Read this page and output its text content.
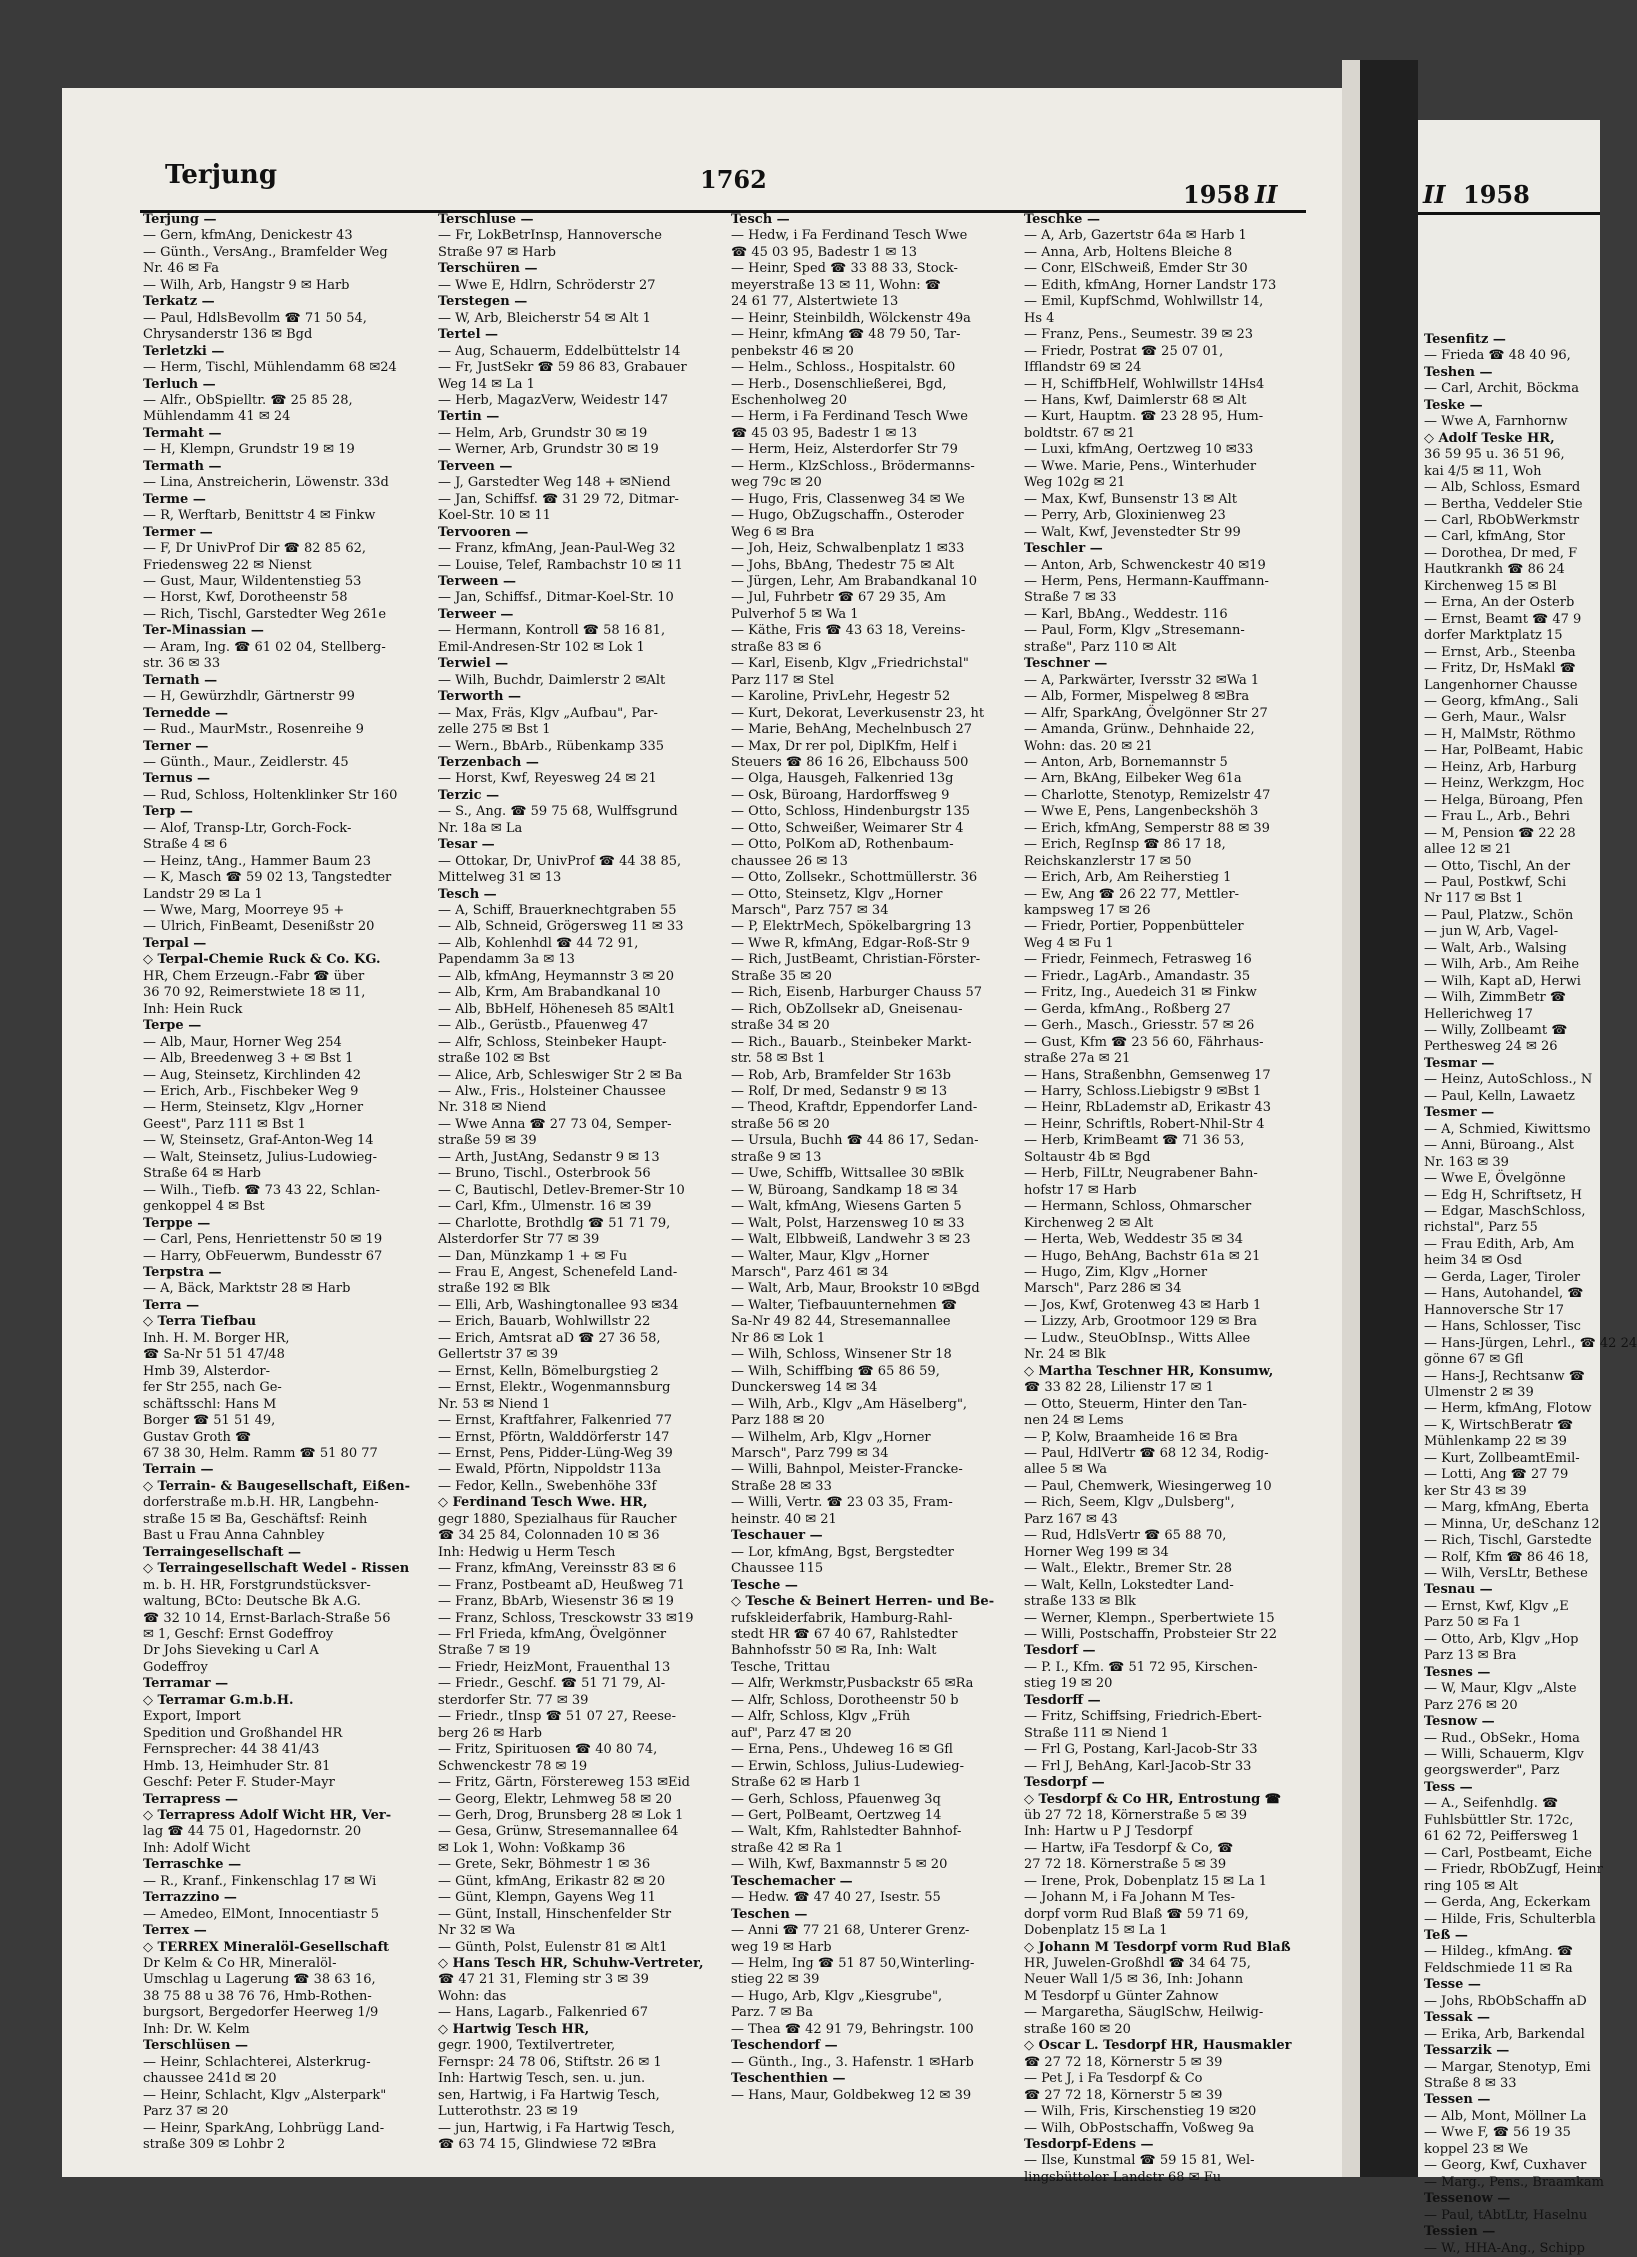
Terjung	1762
1958 II
Terjung —
— Gern, kfmAng, Denickestr 43
— Günth., VersAng., Bramfelder Weg
Nr. 46 ✉ Fa
— Wilh, Arb, Hangstr 9 ✉ Harb
Terkatz —
— Paul, HdlsBevollm ☎ 71 50 54,
Chrysanderstr 136 ✉ Bgd
Terletzki —
— Herm, Tischl, Mühlendamm 68 ✉24
Terluch —
— Alfr., ObSpielltr. ☎ 25 85 28,
Mühlendamm 41 ✉ 24
Termaht —
— H, Klempn, Grundstr 19 ✉ 19
Termath —
— Lina, Anstreicherin, Löwenstr. 33d
Terme —
— R, Werftarb, Benittstr 4 ✉ Finkw
Termer —
— F, Dr UnivProf Dir ☎ 82 85 62,
Friedensweg 22 ✉ Nienst
— Gust, Maur, Wildentenstieg 53
— Horst, Kwf, Dorotheenstr 58
— Rich, Tischl, Garstedter Weg 261e
Ter-Minassian —
— Aram, Ing. ☎ 61 02 04, Stellberg-
str. 36 ✉ 33
Ternath —
— H, Gewürzhdlr, Gärtnerstr 99
Ternedde —
— Rud., MaurMstr., Rosenreihe 9
Terner —
— Günth., Maur., Zeidlerstr. 45
Ternus —
— Rud, Schloss, Holtenklinker Str 160
Terp —
— Alof, Transp-Ltr, Gorch-Fock-
Straße 4 ✉ 6
— Heinz, tAng., Hammer Baum 23
— K, Masch ☎ 59 02 13, Tangstedter
Landstr 29 ✉ La 1
— Wwe, Marg, Moorreye 95 +
— Ulrich, FinBeamt, Desenißstr 20
Terpal —
◇ Terpal-Chemie Ruck & Co. KG.
HR, Chem Erzeugn.-Fabr ☎ über
36 70 92, Reimerstwiete 18 ✉ 11,
Inh: Hein Ruck
Terpe —
— Alb, Maur, Horner Weg 254
— Alb, Breedenweg 3 + ✉ Bst 1
— Aug, Steinsetz, Kirchlinden 42
— Erich, Arb., Fischbeker Weg 9
— Herm, Steinsetz, Klgv „Horner
Geest", Parz 111 ✉ Bst 1
— W, Steinsetz, Graf-Anton-Weg 14
— Walt, Steinsetz, Julius-Ludowieg-
Straße 64 ✉ Harb
— Wilh., Tiefb. ☎ 73 43 22, Schlan-
genkoppel 4 ✉ Bst
Terppe —
— Carl, Pens, Henriettenstr 50 ✉ 19
— Harry, ObFeuerwm, Bundesstr 67
Terpstra —
— A, Bäck, Marktstr 28 ✉ Harb
Terra —
◇ Terra Tiefbau
Inh. H. M. Borger HR,
☎ Sa-Nr 51 51 47/48
Hmb 39, Alsterdor-
fer Str 255, nach Ge-
schäftsschl: Hans M
Borger ☎ 51 51 49,
Gustav Groth ☎
67 38 30, Helm. Ramm ☎ 51 80 77
Terrain —
◇ Terrain- & Baugesellschaft, Eißen-
dorferstraße m.b.H. HR, Langbehn-
straße 15 ✉ Ba, Geschäftsf: Reinh
Bast u Frau Anna Cahnbley
Terraingesellschaft —
◇ Terraingesellschaft Wedel - Rissen
m. b. H. HR, Forstgrundstücksver-
waltung, BCto: Deutsche Bk A.G.
☎ 32 10 14, Ernst-Barlach-Straße 56
✉ 1, Geschf: Ernst Godeffroy
Dr Johs Sieveking u Carl A
Godeffroy
Terramar —
◇ Terramar G.m.b.H.
Export, Import
Spedition und Großhandel HR
Fernsprecher: 44 38 41/43
Hmb. 13, Heimhuder Str. 81
Geschf: Peter F. Studer-Mayr
Terrapress —
◇ Terrapress Adolf Wicht HR, Ver-
lag ☎ 44 75 01, Hagedornstr. 20
Inh: Adolf Wicht
Terraschke —
— R., Kranf., Finkenschlag 17 ✉ Wi
Terrazzino —
— Amedeo, ElMont, Innocentiastr 5
Terrex —
◇ TERREX Mineralöl-Gesellschaft
Dr Kelm & Co HR, Mineralöl-
Umschlag u Lagerung ☎ 38 63 16,
38 75 88 u 38 76 76, Hmb-Rothen-
burgsort, Bergedorfer Heerweg 1/9
Inh: Dr. W. Kelm
Terschlüsen —
— Heinr, Schlachterei, Alsterkrug-
chaussee 241d ✉ 20
— Heinr, Schlacht, Klgv „Alsterpark"
Parz 37 ✉ 20
— Heinr, SparkAng, Lohbrügg Land-
straße 309 ✉ Lohbr 2
Terschluse —
— Fr, LokBetrInsp, Hannoversche
Straße 97 ✉ Harb
Terschüren —
— Wwe E, Hdlrn, Schröderstr 27
Terstegen —
— W, Arb, Bleicherstr 54 ✉ Alt 1
Tertel —
— Aug, Schauerm, Eddelbüttelstr 14
— Fr, JustSekr ☎ 59 86 83, Grabauer
Weg 14 ✉ La 1
— Herb, MagazVerw, Weidestr 147
Tertin —
— Helm, Arb, Grundstr 30 ✉ 19
— Werner, Arb, Grundstr 30 ✉ 19
Terveen —
— J, Garstedter Weg 148 + ✉Niend
— Jan, Schiffsf. ☎ 31 29 72, Ditmar-
Koel-Str. 10 ✉ 11
Tervooren —
— Franz, kfmAng, Jean-Paul-Weg 32
— Louise, Telef, Rambachstr 10 ✉ 11
Terween —
— Jan, Schiffsf., Ditmar-Koel-Str. 10
Terweer —
— Hermann, Kontroll ☎ 58 16 81,
Emil-Andresen-Str 102 ✉ Lok 1
Terwiel —
— Wilh, Buchdr, Daimlerstr 2 ✉Alt
Terworth —
— Max, Fräs, Klgv „Aufbau", Par-
zelle 275 ✉ Bst 1
— Wern., BbArb., Rübenkamp 335
Terzenbach —
— Horst, Kwf, Reyesweg 24 ✉ 21
Terzic —
— S., Ang. ☎ 59 75 68, Wulffsgrund
Nr. 18a ✉ La
Tesar —
— Ottokar, Dr, UnivProf ☎ 44 38 85,
Mittelweg 31 ✉ 13
Tesch —
— A, Schiff, Brauerknechtgraben 55
— Alb, Schneid, Grögersweg 11 ✉ 33
— Alb, Kohlenhdl ☎ 44 72 91,
Papendamm 3a ✉ 13
— Alb, kfmAng, Heymannstr 3 ✉ 20
— Alb, Krm, Am Brabandkanal 10
— Alb, BbHelf, Höheneseh 85 ✉Alt1
— Alb., Gerüstb., Pfauenweg 47
— Alfr, Schloss, Steinbeker Haupt-
straße 102 ✉ Bst
— Alice, Arb, Schleswiger Str 2 ✉ Ba
— Alw., Fris., Holsteiner Chaussee
Nr. 318 ✉ Niend
— Wwe Anna ☎ 27 73 04, Semper-
straße 59 ✉ 39
— Arth, JustAng, Sedanstr 9 ✉ 13
— Bruno, Tischl., Osterbrook 56
— C, Bautischl, Detlev-Bremer-Str 10
— Carl, Kfm., Ulmenstr. 16 ✉ 39
— Charlotte, Brothdlg ☎ 51 71 79,
Alsterdorfer Str 77 ✉ 39
— Dan, Münzkamp 1 + ✉ Fu
— Frau E, Angest, Schenefeld Land-
straße 192 ✉ Blk
— Elli, Arb, Washingtonallee 93 ✉34
— Erich, Bauarb, Wohlwillstr 22
— Erich, Amtsrat aD ☎ 27 36 58,
Gellertstr 37 ✉ 39
— Ernst, Kelln, Bömelburgstieg 2
— Ernst, Elektr., Wogenmannsburg
Nr. 53 ✉ Niend 1
— Ernst, Kraftfahrer, Falkenried 77
— Ernst, Pförtn, Walddörferstr 147
— Ernst, Pens, Pidder-Lüng-Weg 39
— Ewald, Pförtn, Nippoldstr 113a
— Fedor, Kelln., Swebenhöhe 33f
◇ Ferdinand Tesch Wwe. HR,
gegr 1880, Spezialhaus für Raucher
☎ 34 25 84, Colonnaden 10 ✉ 36
Inh: Hedwig u Herm Tesch
— Franz, kfmAng, Vereinsstr 83 ✉ 6
— Franz, Postbeamt aD, Heußweg 71
— Franz, BbArb, Wiesenstr 36 ✉ 19
— Franz, Schloss, Tresckowstr 33 ✉19
— Frl Frieda, kfmAng, Övelgönner
Straße 7 ✉ 19
— Friedr, HeizMont, Frauenthal 13
— Friedr., Geschf. ☎ 51 71 79, Al-
sterdorfer Str. 77 ✉ 39
— Friedr., tInsp ☎ 51 07 27, Reese-
berg 26 ✉ Harb
— Fritz, Spirituosen ☎ 40 80 74,
Schwenckestr 78 ✉ 19
— Fritz, Gärtn, Förstereweg 153 ✉Eid
— Georg, Elektr, Lehmweg 58 ✉ 20
— Gerh, Drog, Brunsberg 28 ✉ Lok 1
— Gesa, Grünw, Stresemannallee 64
✉ Lok 1, Wohn: Voßkamp 36
— Grete, Sekr, Böhmestr 1 ✉ 36
— Günt, kfmAng, Erikastr 82 ✉ 20
— Günt, Klempn, Gayens Weg 11
— Günt, Install, Hinschenfelder Str
Nr 32 ✉ Wa
— Günth, Polst, Eulenstr 81 ✉ Alt1
◇ Hans Tesch HR, Schuhw-Vertreter,
☎ 47 21 31, Fleming str 3 ✉ 39
Wohn: das
— Hans, Lagarb., Falkenried 67
◇ Hartwig Tesch HR,
gegr. 1900, Textilvertreter,
Fernspr: 24 78 06, Stiftstr. 26 ✉ 1
Inh: Hartwig Tesch, sen. u. jun.
sen, Hartwig, i Fa Hartwig Tesch,
Lutterothstr. 23 ✉ 19
— jun, Hartwig, i Fa Hartwig Tesch,
☎ 63 74 15, Glindwiese 72 ✉Bra
Tesch —
— Hedw, i Fa Ferdinand Tesch Wwe
☎ 45 03 95, Badestr 1 ✉ 13
— Heinr, Sped ☎ 33 88 33, Stock-
meyerstraße 13 ✉ 11, Wohn: ☎
24 61 77, Alstertwiete 13
— Heinr, Steinbildh, Wölckenstr 49a
— Heinr, kfmAng ☎ 48 79 50, Tar-
penbekstr 46 ✉ 20
— Helm., Schloss., Hospitalstr. 60
— Herb., Dosenschließerei, Bgd,
Eschenholweg 20
— Herm, i Fa Ferdinand Tesch Wwe
☎ 45 03 95, Badestr 1 ✉ 13
— Herm, Heiz, Alsterdorfer Str 79
— Herm., KlzSchloss., Brödermanns-
weg 79c ✉ 20
— Hugo, Fris, Classenweg 34 ✉ We
— Hugo, ObZugschaffn., Osteroder
Weg 6 ✉ Bra
— Joh, Heiz, Schwalbenplatz 1 ✉33
— Johs, BbAng, Thedestr 75 ✉ Alt
— Jürgen, Lehr, Am Brabandkanal 10
— Jul, Fuhrbetr ☎ 67 29 35, Am
Pulverhof 5 ✉ Wa 1
— Käthe, Fris ☎ 43 63 18, Vereins-
straße 83 ✉ 6
— Karl, Eisenb, Klgv „Friedrichstal"
Parz 117 ✉ Stel
— Karoline, PrivLehr, Hegestr 52
— Kurt, Dekorat, Leverkusenstr 23, ht
— Marie, BehAng, Mechelnbusch 27
— Max, Dr rer pol, DiplKfm, Helf i
Steuers ☎ 86 16 26, Elbchauss 500
— Olga, Hausgeh, Falkenried 13g
— Osk, Büroang, Hardorffsweg 9
— Otto, Schloss, Hindenburgstr 135
— Otto, Schweißer, Weimarer Str 4
— Otto, PolKom aD, Rothenbaum-
chaussee 26 ✉ 13
— Otto, Zollsekr., Schottmüllerstr. 36
— Otto, Steinsetz, Klgv „Horner
Marsch", Parz 757 ✉ 34
— P, ElektrMech, Spökelbargring 13
— Wwe R, kfmAng, Edgar-Roß-Str 9
— Rich, JustBeamt, Christian-Förster-
Straße 35 ✉ 20
— Rich, Eisenb, Harburger Chauss 57
— Rich, ObZollsekr aD, Gneisenau-
straße 34 ✉ 20
— Rich., Bauarb., Steinbeker Markt-
str. 58 ✉ Bst 1
— Rob, Arb, Bramfelder Str 163b
— Rolf, Dr med, Sedanstr 9 ✉ 13
— Theod, Kraftdr, Eppendorfer Land-
straße 56 ✉ 20
— Ursula, Buchh ☎ 44 86 17, Sedan-
straße 9 ✉ 13
— Uwe, Schiffb, Wittsallee 30 ✉Blk
— W, Büroang, Sandkamp 18 ✉ 34
— Walt, kfmAng, Wiesens Garten 5
— Walt, Polst, Harzensweg 10 ✉ 33
— Walt, Elbbweiß, Landwehr 3 ✉ 23
— Walter, Maur, Klgv „Horner
Marsch", Parz 461 ✉ 34
— Walt, Arb, Maur, Brookstr 10 ✉Bgd
— Walter, Tiefbauunternehmen ☎
Sa-Nr 49 82 44, Stresemannallee
Nr 86 ✉ Lok 1
— Wilh, Schloss, Winsener Str 18
— Wilh, Schiffbing ☎ 65 86 59,
Dunckersweg 14 ✉ 34
— Wilh, Arb., Klgv „Am Häselberg",
Parz 188 ✉ 20
— Wilhelm, Arb, Klgv „Horner
Marsch", Parz 799 ✉ 34
— Willi, Bahnpol, Meister-Francke-
Straße 28 ✉ 33
— Willi, Vertr. ☎ 23 03 35, Fram-
heinstr. 40 ✉ 21
Teschauer —
— Lor, kfmAng, Bgst, Bergstedter
Chaussee 115
Tesche —
◇ Tesche & Beinert Herren- und Be-
rufskleiderfabrik, Hamburg-Rahl-
stedt HR ☎ 67 40 67, Rahlstedter
Bahnhofsstr 50 ✉ Ra, Inh: Walt
Tesche, Trittau
— Alfr, Werkmstr,Pusbackstr 65 ✉Ra
— Alfr, Schloss, Dorotheenstr 50 b
— Alfr, Schloss, Klgv „Früh
auf", Parz 47 ✉ 20
— Erna, Pens., Uhdeweg 16 ✉ Gfl
— Erwin, Schloss, Julius-Ludewieg-
Straße 62 ✉ Harb 1
— Gerh, Schloss, Pfauenweg 3q
— Gert, PolBeamt, Oertzweg 14
— Walt, Kfm, Rahlstedter Bahnhof-
straße 42 ✉ Ra 1
— Wilh, Kwf, Baxmannstr 5 ✉ 20
Teschemacher —
— Hedw. ☎ 47 40 27, Isestr. 55
Teschen —
— Anni ☎ 77 21 68, Unterer Grenz-
weg 19 ✉ Harb
— Helm, Ing ☎ 51 87 50,Winterling-
stieg 22 ✉ 39
— Hugo, Arb, Klgv „Kiesgrube",
Parz. 7 ✉ Ba
— Thea ☎ 42 91 79, Behringstr. 100
Teschendorf —
— Günth., Ing., 3. Hafenstr. 1 ✉Harb
Teschenthien —
— Hans, Maur, Goldbekweg 12 ✉ 39
Teschke —
— A, Arb, Gazertstr 64a ✉ Harb 1
— Anna, Arb, Holtens Bleiche 8
— Conr, ElSchweiß, Emder Str 30
— Edith, kfmAng, Horner Landstr 173
— Emil, KupfSchmd, Wohlwillstr 14,
Hs 4
— Franz, Pens., Seumestr. 39 ✉ 23
— Friedr, Postrat ☎ 25 07 01,
Ifflandstr 69 ✉ 24
— H, SchiffbHelf, Wohlwillstr 14Hs4
— Hans, Kwf, Daimlerstr 68 ✉ Alt
— Kurt, Hauptm. ☎ 23 28 95, Hum-
boldtstr. 67 ✉ 21
— Luxi, kfmAng, Oertzweg 10 ✉33
— Wwe. Marie, Pens., Winterhuder
Weg 102g ✉ 21
— Max, Kwf, Bunsenstr 13 ✉ Alt
— Perry, Arb, Gloxinienweg 23
— Walt, Kwf, Jevenstedter Str 99
Teschler —
— Anton, Arb, Schwenckestr 40 ✉19
— Herm, Pens, Hermann-Kauffmann-
Straße 7 ✉ 33
— Karl, BbAng., Weddestr. 116
— Paul, Form, Klgv „Stresemann-
straße", Parz 110 ✉ Alt
Teschner —
— A, Parkwärter, Iversstr 32 ✉Wa 1
— Alb, Former, Mispelweg 8 ✉Bra
— Alfr, SparkAng, Övelgönner Str 27
— Amanda, Grünw., Dehnhaide 22,
Wohn: das. 20 ✉ 21
— Anton, Arb, Bornemannstr 5
— Arn, BkAng, Eilbeker Weg 61a
— Charlotte, Stenotyp, Remizelstr 47
— Wwe E, Pens, Langenbeckshöh 3
— Erich, kfmAng, Semperstr 88 ✉ 39
— Erich, RegInsp ☎ 86 17 18,
Reichskanzlerstr 17 ✉ 50
— Erich, Arb, Am Reiherstieg 1
— Ew, Ang ☎ 26 22 77, Mettler-
kampsweg 17 ✉ 26
— Friedr, Portier, Poppenbütteler
Weg 4 ✉ Fu 1
— Friedr, Feinmech, Fetrasweg 16
— Friedr., LagArb., Amandastr. 35
— Fritz, Ing., Auedeich 31 ✉ Finkw
— Gerda, kfmAng., Roßberg 27
— Gerh., Masch., Griesstr. 57 ✉ 26
— Gust, Kfm ☎ 23 56 60, Fährhaus-
straße 27a ✉ 21
— Hans, Straßenbhn, Gemsenweg 17
— Harry, Schloss.Liebigstr 9 ✉Bst 1
— Heinr, RbLademstr aD, Erikastr 43
— Heinr, Schriftls, Robert-Nhil-Str 4
— Herb, KrimBeamt ☎ 71 36 53,
Soltaustr 4b ✉ Bgd
— Herb, FilLtr, Neugrabener Bahn-
hofstr 17 ✉ Harb
— Hermann, Schloss, Ohmarscher
Kirchenweg 2 ✉ Alt
— Herta, Web, Weddestr 35 ✉ 34
— Hugo, BehAng, Bachstr 61a ✉ 21
— Hugo, Zim, Klgv „Horner
Marsch", Parz 286 ✉ 34
— Jos, Kwf, Grotenweg 43 ✉ Harb 1
— Lizzy, Arb, Grootmoor 129 ✉ Bra
— Ludw., SteuObInsp., Witts Allee
Nr. 24 ✉ Blk
◇ Martha Teschner HR, Konsumw,
☎ 33 82 28, Lilienstr 17 ✉ 1
— Otto, Steuerm, Hinter den Tan-
nen 24 ✉ Lems
— P, Kolw, Braamheide 16 ✉ Bra
— Paul, HdlVertr ☎ 68 12 34, Rodig-
allee 5 ✉ Wa
— Paul, Chemwerk, Wiesingerweg 10
— Rich, Seem, Klgv „Dulsberg",
Parz 167 ✉ 43
— Rud, HdlsVertr ☎ 65 88 70,
Horner Weg 199 ✉ 34
— Walt., Elektr., Bremer Str. 28
— Walt, Kelln, Lokstedter Land-
straße 133 ✉ Blk
— Werner, Klempn., Sperbertwiete 15
— Willi, Postschaffn, Probsteier Str 22
Tesdorf —
— P. I., Kfm. ☎ 51 72 95, Kirschen-
stieg 19 ✉ 20
Tesdorff —
— Fritz, Schiffsing, Friedrich-Ebert-
Straße 111 ✉ Niend 1
— Frl G, Postang, Karl-Jacob-Str 33
— Frl J, BehAng, Karl-Jacob-Str 33
Tesdorpf —
◇ Tesdorpf & Co HR, Entrostung ☎
üb 27 72 18, Körnerstraße 5 ✉ 39
Inh: Hartw u P J Tesdorpf
— Hartw, iFa Tesdorpf & Co, ☎
27 72 18. Körnerstraße 5 ✉ 39
— Irene, Prok, Dobenplatz 15 ✉ La 1
— Johann M, i Fa Johann M Tes-
dorpf vorm Rud Blaß ☎ 59 71 69,
Dobenplatz 15 ✉ La 1
◇ Johann M Tesdorpf vorm Rud Blaß
HR, Juwelen-Großhdl ☎ 34 64 75,
Neuer Wall 1/5 ✉ 36, Inh: Johann
M Tesdorpf u Günter Zahnow
— Margaretha, SäuglSchw, Heilwig-
straße 160 ✉ 20
◇ Oscar L. Tesdorpf HR, Hausmakler
☎ 27 72 18, Körnerstr 5 ✉ 39
— Pet J, i Fa Tesdorpf & Co
☎ 27 72 18, Körnerstr 5 ✉ 39
— Wilh, Fris, Kirschenstieg 19 ✉20
— Wilh, ObPostschaffn, Voßweg 9a
Tesdorpf-Edens —
— Ilse, Kunstmal ☎ 59 15 81, Wel-
lingsbütteler Landstr 68 ✉ Fu
II 1958
Tesenfitz —
— Frieda ☎ 48 40 96,
Teshen —
— Carl, Archit, Böckma
Teske —
— Wwe A, Farnhornw
◇ Adolf Teske HR,
36 59 95 u. 36 51 96,
kai 4/5 ✉ 11, Woh
— Alb, Schloss, Esmard
— Bertha, Veddeler Stie
— Carl, RbObWerkmstr
— Carl, kfmAng, Stor
— Dorothea, Dr med, F
Hautkrankh ☎ 86 24
Kirchenweg 15 ✉ Bl
— Erna, An der Osterb
— Ernst, Beamt ☎ 47 9
dorfer Marktplatz 15
— Ernst, Arb., Steenba
— Fritz, Dr, HsMakl ☎
Langenhorner Chausse
— Georg, kfmAng., Sali
— Gerh, Maur., Walsr
— H, MalMstr, Röthmo
— Har, PolBeamt, Habic
— Heinz, Arb, Harburg
— Heinz, Werkzgm, Hoc
— Helga, Büroang, Pfen
— Frau L., Arb., Behri
— M, Pension ☎ 22 28
allee 12 ✉ 21
— Otto, Tischl, An der
— Paul, Postkwf, Schi
Nr 117 ✉ Bst 1
— Paul, Platzw., Schön
— jun W, Arb, Vagel-
— Walt, Arb., Walsing
— Wilh, Arb., Am Reihe
— Wilh, Kapt aD, Herwi
— Wilh, ZimmBetr ☎
Hellerichweg 17
— Willy, Zollbeamt ☎
Perthesweg 24 ✉ 26
Tesmar —
— Heinz, AutoSchloss., N
— Paul, Kelln, Lawaetz
Tesmer —
— A, Schmied, Kiwittsmo
— Anni, Büroang., Alst
Nr. 163 ✉ 39
— Wwe E, Övelgönne
— Edg H, Schriftsetz, H
— Edgar, MaschSchloss,
richstal", Parz 55
— Frau Edith, Arb, Am
heim 34 ✉ Osd
— Gerda, Lager, Tiroler
— Hans, Autohandel, ☎
Hannoversche Str 17
— Hans, Schlosser, Tisc
— Hans-Jürgen, Lehrl., ☎ 42 24
gönne 67 ✉ Gfl
— Hans-J, Rechtsanw ☎
Ulmenstr 2 ✉ 39
— Herm, kfmAng, Flotow
— K, WirtschBeratr ☎
Mühlenkamp 22 ✉ 39
— Kurt, ZollbeamtEmil-
— Lotti, Ang ☎ 27 79
ker Str 43 ✉ 39
— Marg, kfmAng, Eberta
— Minna, Ur, deSchanz 12
— Rich, Tischl, Garstedte
— Rolf, Kfm ☎ 86 46 18,
— Wilh, VersLtr, Bethese
Tesnau —
— Ernst, Kwf, Klgv „E
Parz 50 ✉ Fa 1
— Otto, Arb, Klgv „Hop
Parz 13 ✉ Bra
Tesnes —
— W, Maur, Klgv „Alste
Parz 276 ✉ 20
Tesnow —
— Rud., ObSekr., Homa
— Willi, Schauerm, Klgv
georgswerder", Parz
Tess —
— A., Seifenhdlg. ☎
Fuhlsbüttler Str. 172c,
61 62 72, Peiffersweg 1
— Carl, Postbeamt, Eiche
— Friedr, RbObZugf, Heinr
ring 105 ✉ Alt
— Gerda, Ang, Eckerkam
— Hilde, Fris, Schulterbla
Teß —
— Hildeg., kfmAng. ☎
Feldschmiede 11 ✉ Ra
Tesse —
— Johs, RbObSchaffn aD
Tessak —
— Erika, Arb, Barkendal
Tessarzik —
— Margar, Stenotyp, Emi
Straße 8 ✉ 33
Tessen —
— Alb, Mont, Möllner La
— Wwe F, ☎ 56 19 35
koppel 23 ✉ We
— Georg, Kwf, Cuxhaver
— Marg., Pens., Braamkam
Tessenow —
— Paul, tAbtLtr, Haselnu
Tessien —
— W., HHA-Ang., Schipp
